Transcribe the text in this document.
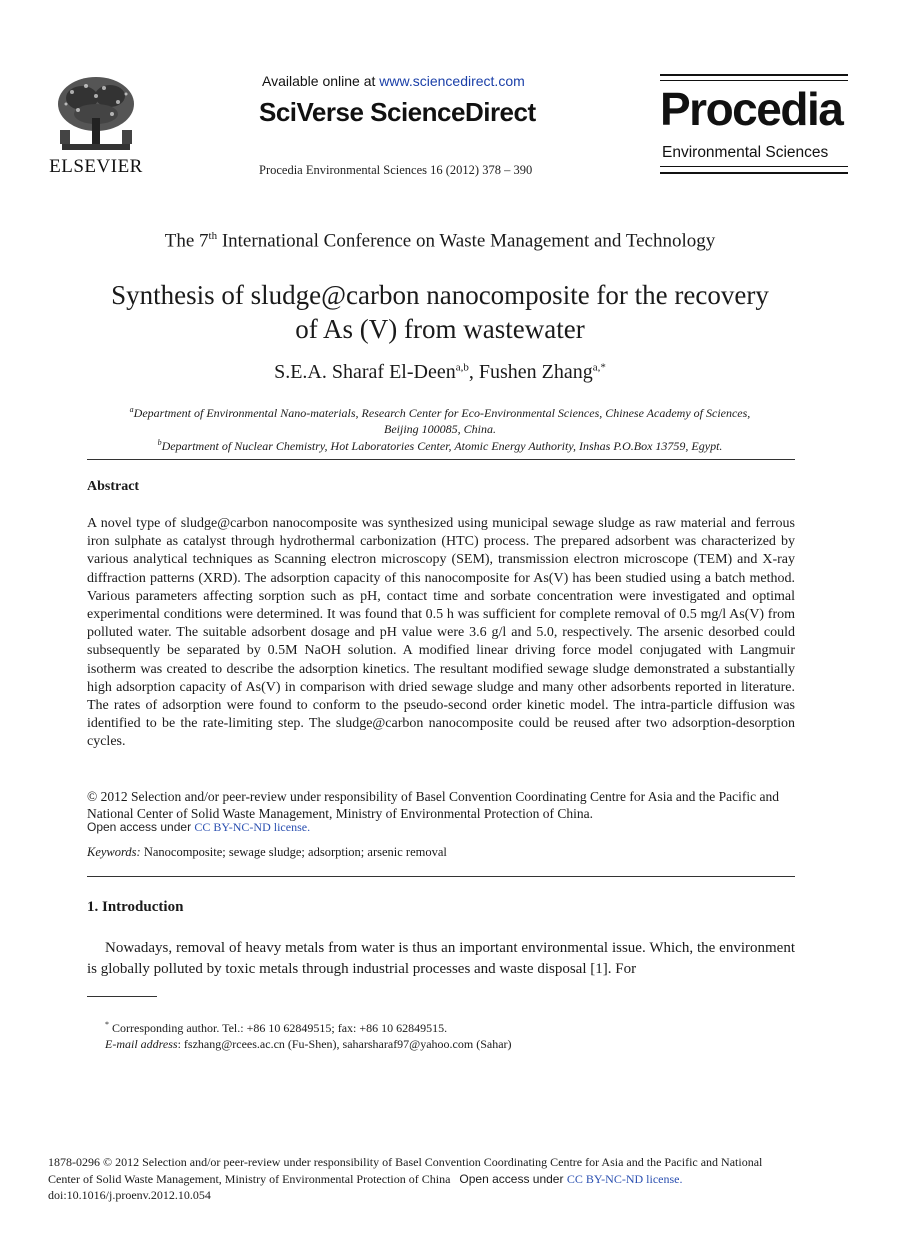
ELSEVIER
Available online at www.sciencedirect.com
SciVerse ScienceDirect
Procedia Environmental Sciences 16 (2012) 378 – 390
Procedia
Environmental Sciences
The 7th International Conference on Waste Management and Technology
Synthesis of sludge@carbon nanocomposite for the recovery
of As (V) from wastewater
S.E.A. Sharaf El-Deen$^{a,b}$, Fushen Zhang$^{a,*}$
$^a$Department of Environmental Nano-materials, Research Center for Eco-Environmental Sciences, Chinese Academy of Sciences,
Beijing 100085, China.
$^b$Department of Nuclear Chemistry, Hot Laboratories Center, Atomic Energy Authority, Inshas P.O.Box 13759, Egypt.
Abstract
A novel type of sludge@carbon nanocomposite was synthesized using municipal sewage sludge as raw material and ferrous iron sulphate as catalyst through hydrothermal carbonization (HTC) process. The prepared adsorbent was characterized by various analytical techniques as Scanning electron microscopy (SEM), transmission electron microscope (TEM) and X-ray diffraction patterns (XRD). The adsorption capacity of this nanocomposite for As(V) has been studied using a batch method. Various parameters affecting sorption such as pH, contact time and sorbate concentration were investigated and optimal experimental conditions were determined. It was found that 0.5 h was sufficient for complete removal of 0.5 mg/l As(V) from polluted water. The suitable adsorbent dosage and pH value were 3.6 g/l and 5.0, respectively. The arsenic desorbed could subsequently be separated by 0.5M NaOH solution. A modified linear driving force model conjugated with Langmuir isotherm was created to describe the adsorption kinetics. The resultant modified sewage sludge demonstrated a substantially high adsorption capacity of As(V) in comparison with dried sewage sludge and many other adsorbents reported in literature. The rates of adsorption were found to conform to the pseudo-second order kinetic model. The intra-particle diffusion was identified to be the rate-limiting step. The sludge@carbon nanocomposite could be reused after two adsorption-desorption cycles.
© 2012 Selection and/or peer-review under responsibility of Basel Convention Coordinating Centre for Asia and the Pacific and National Center of Solid Waste Management, Ministry of Environmental Protection of China.
Open access under CC BY-NC-ND license.
Keywords: Nanocomposite; sewage sludge; adsorption; arsenic removal
1. Introduction
Nowadays, removal of heavy metals from water is thus an important environmental issue. Which, the environment is globally polluted by toxic metals through industrial processes and waste disposal [1]. For
* Corresponding author. Tel.: +86 10 62849515; fax: +86 10 62849515.
E-mail address: fszhang@rcees.ac.cn (Fu-Shen), saharsharaf97@yahoo.com (Sahar)
1878-0296 © 2012 Selection and/or peer-review under responsibility of Basel Convention Coordinating Centre for Asia and the Pacific and National
Center of Solid Waste Management, Ministry of Environmental Protection of China Open access under CC BY-NC-ND license.
doi:10.1016/j.proenv.2012.10.054
